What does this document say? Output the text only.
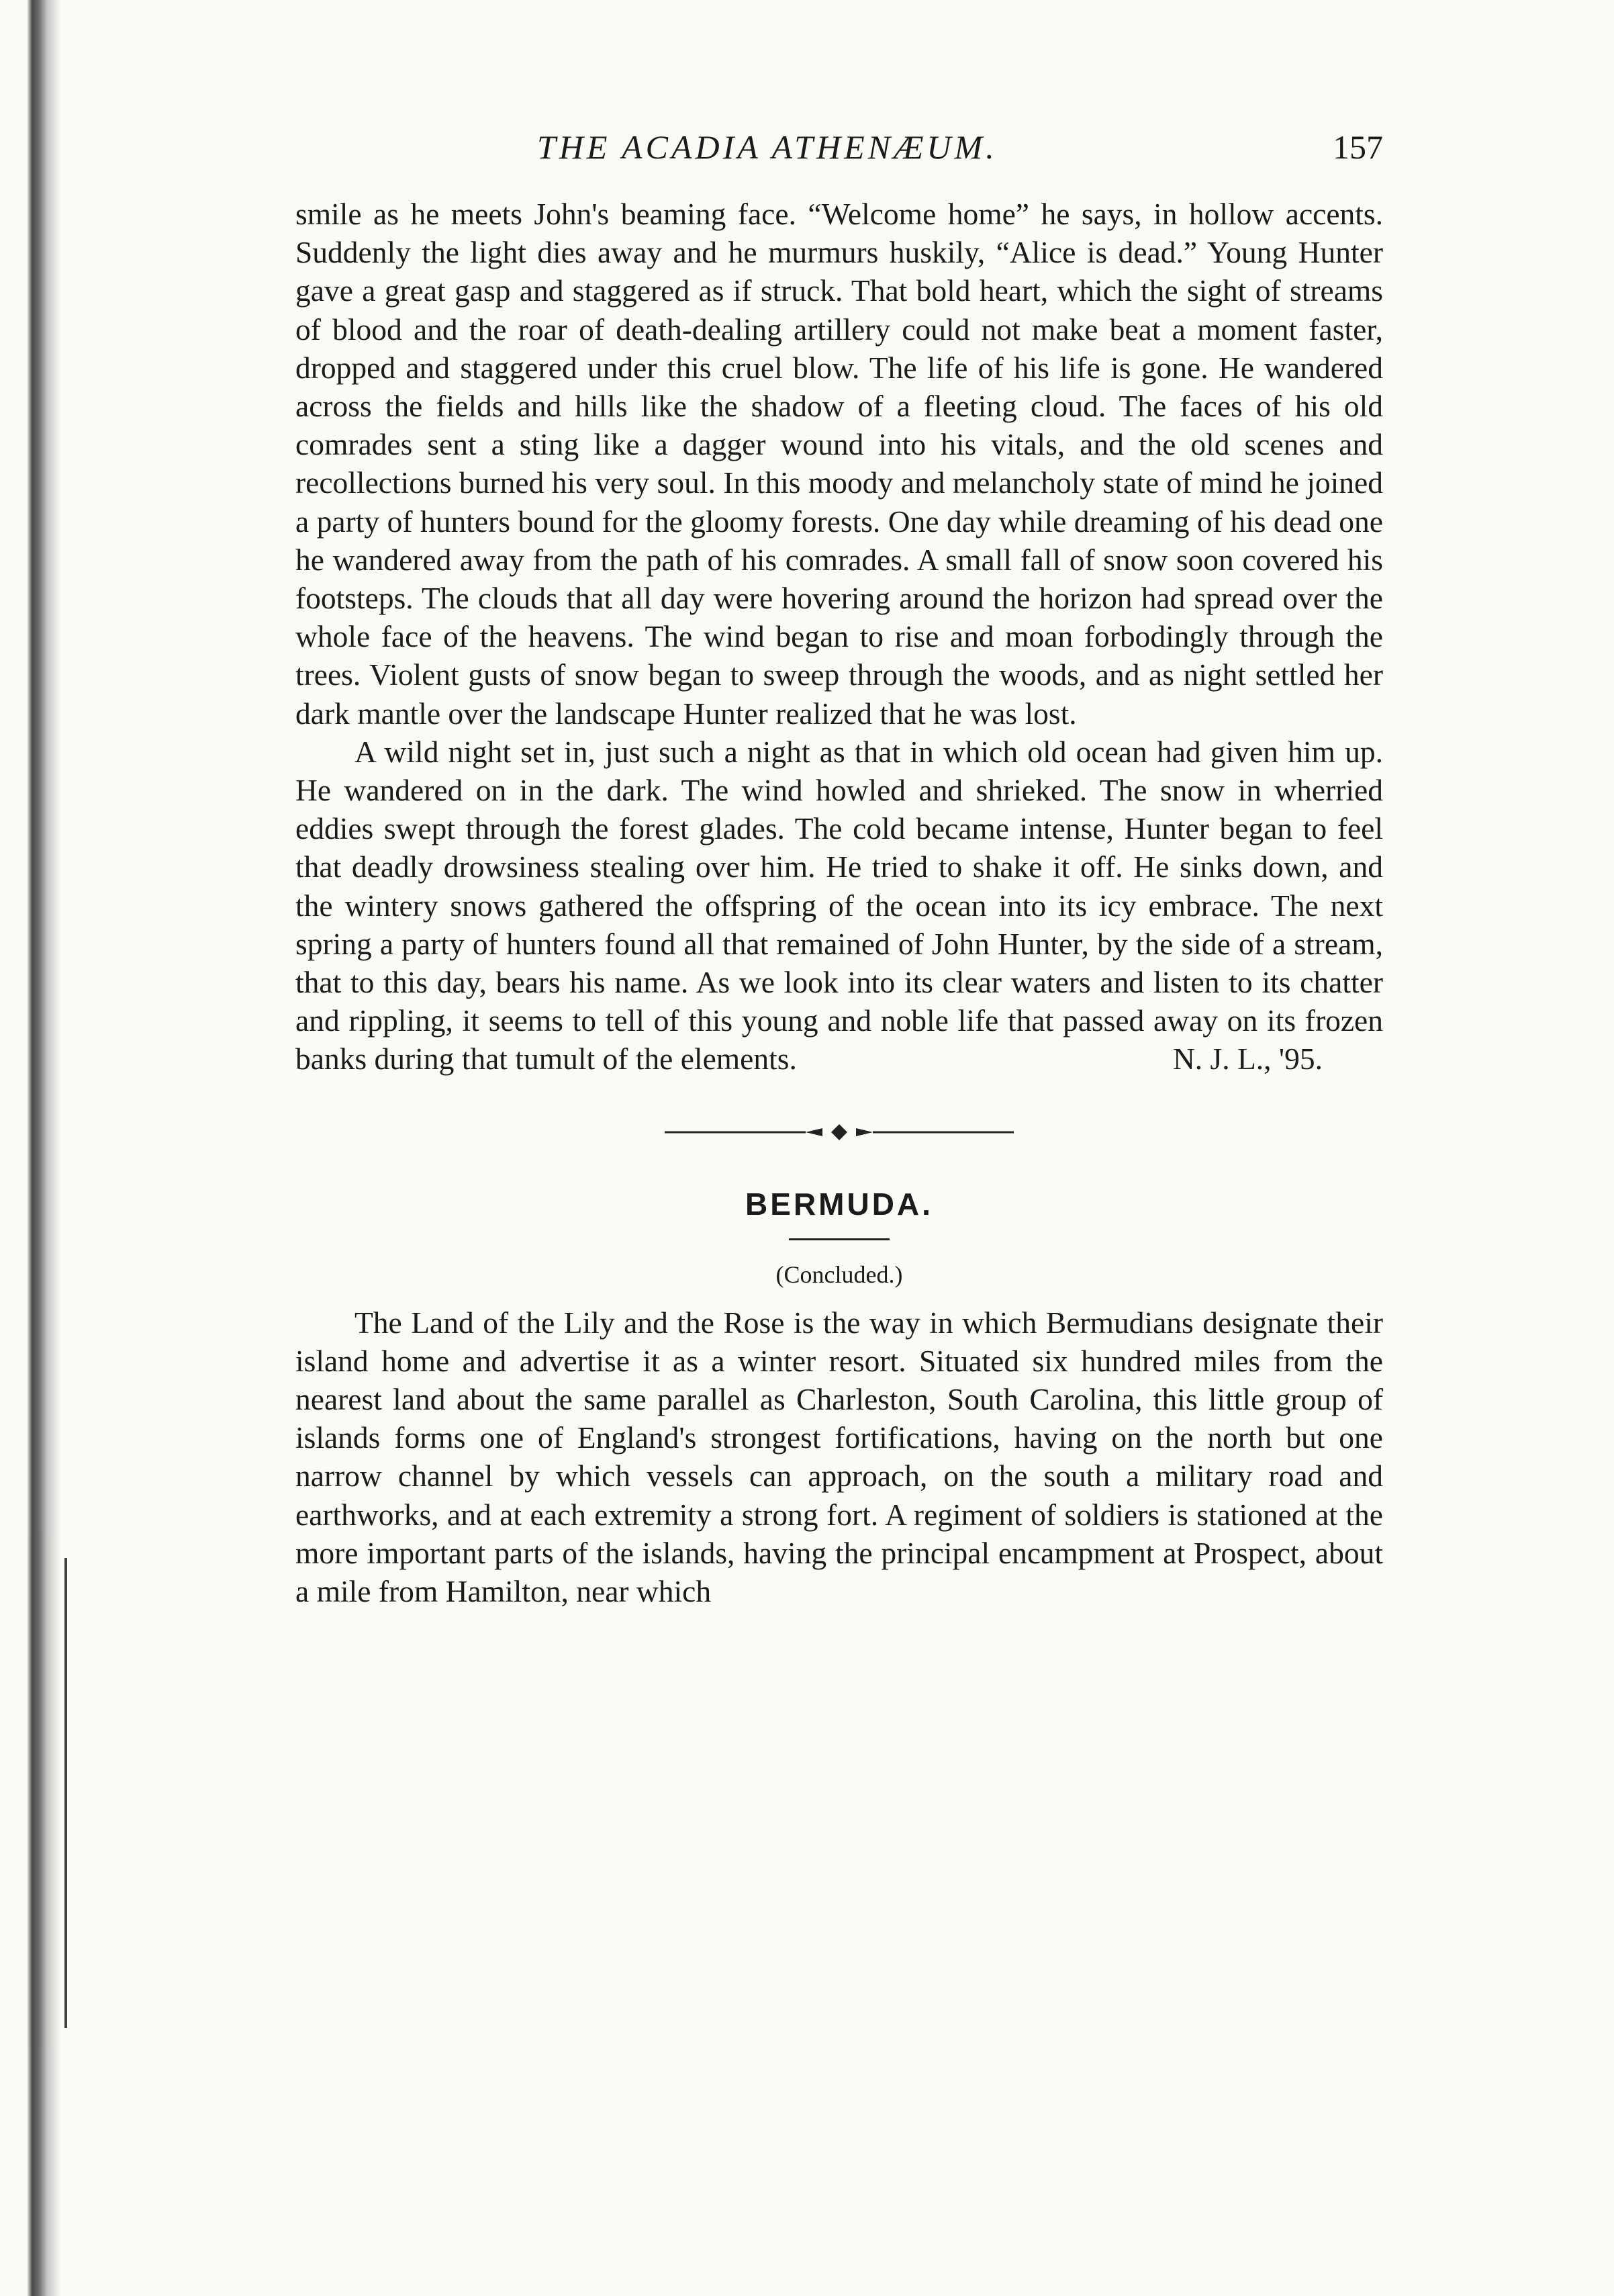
THE ACADIA ATHENÆUM.	157

smile as he meets John's beaming face. “Welcome home” he says, in hollow accents. Suddenly the light dies away and he murmurs huskily, “Alice is dead.” Young Hunter gave a great gasp and staggered as if struck. That bold heart, which the sight of streams of blood and the roar of death-dealing artillery could not make beat a moment faster, dropped and staggered under this cruel blow. The life of his life is gone. He wandered across the fields and hills like the shadow of a fleeting cloud. The faces of his old comrades sent a sting like a dagger wound into his vitals, and the old scenes and recollections burned his very soul. In this moody and melancholy state of mind he joined a party of hunters bound for the gloomy forests. One day while dreaming of his dead one he wandered away from the path of his comrades. A small fall of snow soon covered his footsteps. The clouds that all day were hovering around the horizon had spread over the whole face of the heavens. The wind began to rise and moan forbodingly through the trees. Violent gusts of snow began to sweep through the woods, and as night settled her dark mantle over the landscape Hunter realized that he was lost.

A wild night set in, just such a night as that in which old ocean had given him up. He wandered on in the dark. The wind howled and shrieked. The snow in wherried eddies swept through the forest glades. The cold became intense, Hunter began to feel that deadly drowsiness stealing over him. He tried to shake it off. He sinks down, and the wintery snows gathered the offspring of the ocean into its icy embrace. The next spring a party of hunters found all that remained of John Hunter, by the side of a stream, that to this day, bears his name. As we look into its clear waters and listen to its chatter and rippling, it seems to tell of this young and noble life that passed away on its frozen banks during that tumult of the elements.	N. J. L., '95.

BERMUDA.
(Concluded.)

The Land of the Lily and the Rose is the way in which Bermudians designate their island home and advertise it as a winter resort. Situated six hundred miles from the nearest land about the same parallel as Charleston, South Carolina, this little group of islands forms one of England's strongest fortifications, having on the north but one narrow channel by which vessels can approach, on the south a military road and earthworks, and at each extremity a strong fort. A regiment of soldiers is stationed at the more important parts of the islands, having the principal encampment at Prospect, about a mile from Hamilton, near which
